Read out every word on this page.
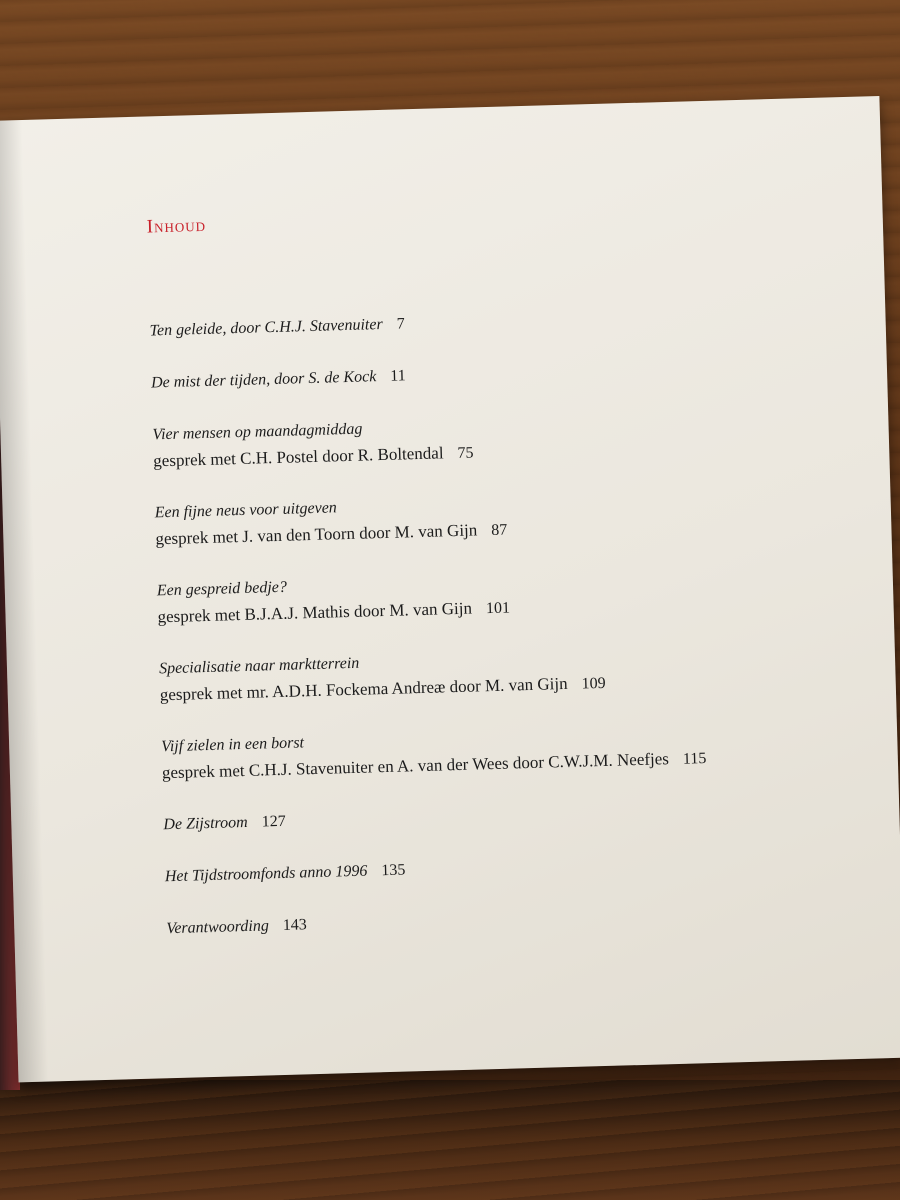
Inhoud
Ten geleide, door C.H.J. Stavenuiter 7
De mist der tijden, door S. de Kock 11
Vier mensen op maandagmiddag
gesprek met C.H. Postel door R. Boltendal 75
Een fijne neus voor uitgeven
gesprek met J. van den Toorn door M. van Gijn 87
Een gespreid bedje?
gesprek met B.J.A.J. Mathis door M. van Gijn 101
Specialisatie naar marktterrein
gesprek met mr. A.D.H. Fockema Andreæ door M. van Gijn 109
Vijf zielen in een borst
gesprek met C.H.J. Stavenuiter en A. van der Wees door C.W.J.M. Neefjes 115
De Zijstroom 127
Het Tijdstroomfonds anno 1996 135
Verantwoording 143
